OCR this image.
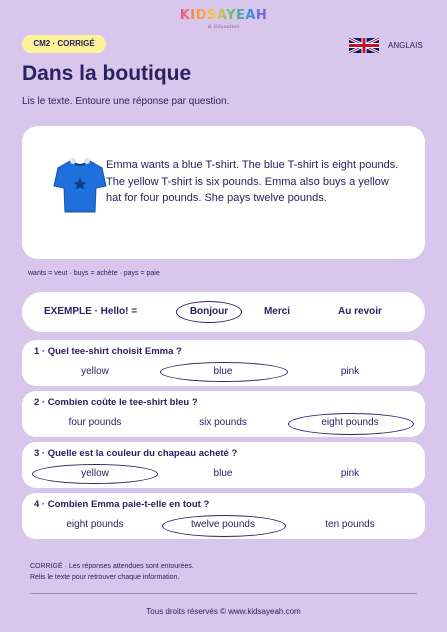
KIDSAYEAH
& Education
CM2 · CORRIGÉ	ANGLAIS
Dans la boutique
Lis le texte. Entoure une réponse par question.
Emma wants a blue T-shirt. The blue T-shirt is eight pounds. The yellow T-shirt is six pounds. Emma also buys a yellow hat for four pounds. She pays twelve pounds.
wants = veut · buys = achète · pays = paie
EXEMPLE · Hello! =	Bonjour	Merci	Au revoir
1 · Quel tee-shirt choisit Emma ?
yellow	blue	pink
2 · Combien coûte le tee-shirt bleu ?
four pounds	six pounds	eight pounds
3 · Quelle est la couleur du chapeau acheté ?
yellow	blue	pink
4 · Combien Emma paie-t-elle en tout ?
eight pounds	twelve pounds	ten pounds
CORRIGÉ · Les réponses attendues sont entourées.
Relis le texte pour retrouver chaque information.
Tous droits réservés © www.kidsayeah.com
